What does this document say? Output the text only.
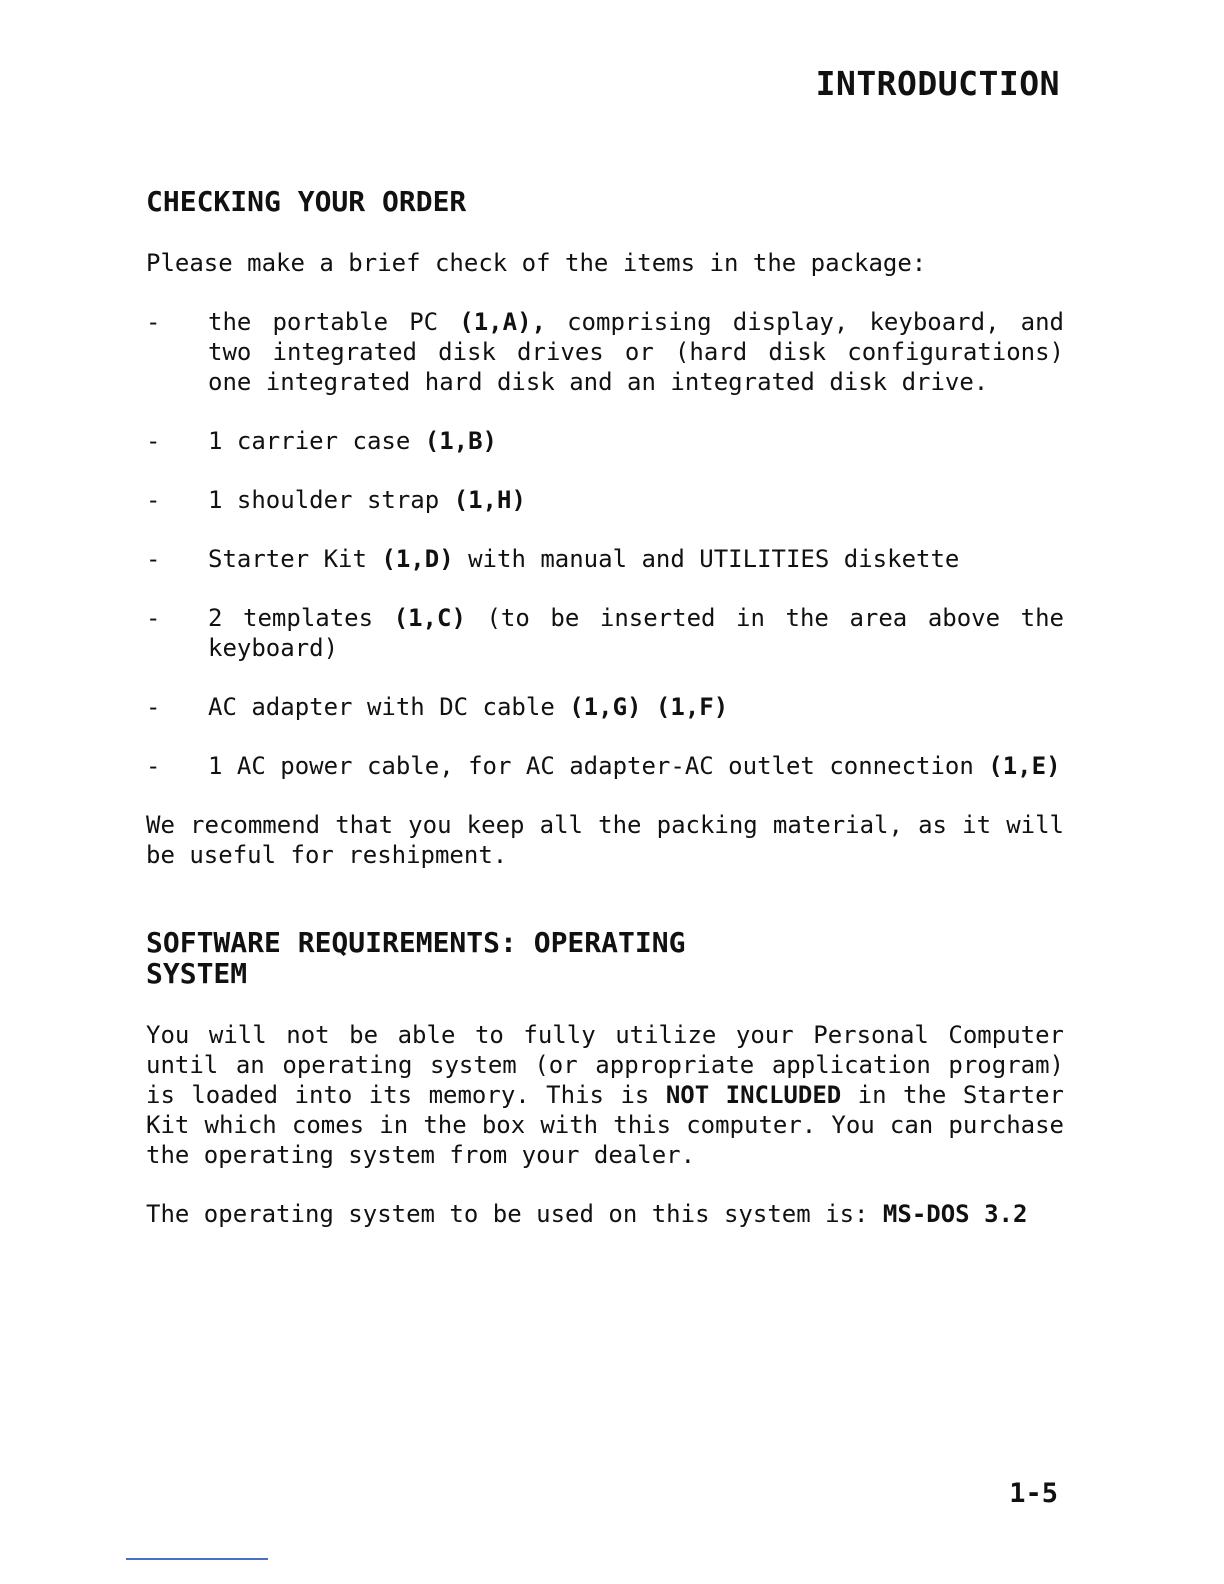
INTRODUCTION
CHECKING YOUR ORDER

Please make a brief check of the items in the package:

-	the portable PC (1,A), comprising display, keyboard, and two integrated disk drives or (hard disk configurations) one integrated hard disk and an integrated disk drive.
-	1 carrier case (1,B)
-	1 shoulder strap (1,H)
-	Starter Kit (1,D) with manual and UTILITIES diskette
-	2 templates (1,C) (to be inserted in the area above the keyboard)
-	AC adapter with DC cable (1,G) (1,F)
-	1 AC power cable, for AC adapter-AC outlet connection (1,E)

We recommend that you keep all the packing material, as it will be useful for reshipment.

SOFTWARE REQUIREMENTS: OPERATING
SYSTEM

You will not be able to fully utilize your Personal Computer until an operating system (or appropriate application program) is loaded into its memory. This is NOT INCLUDED in the Starter Kit which comes in the box with this computer. You can purchase the operating system from your dealer.

The operating system to be used on this system is: MS-DOS 3.2

1-5
